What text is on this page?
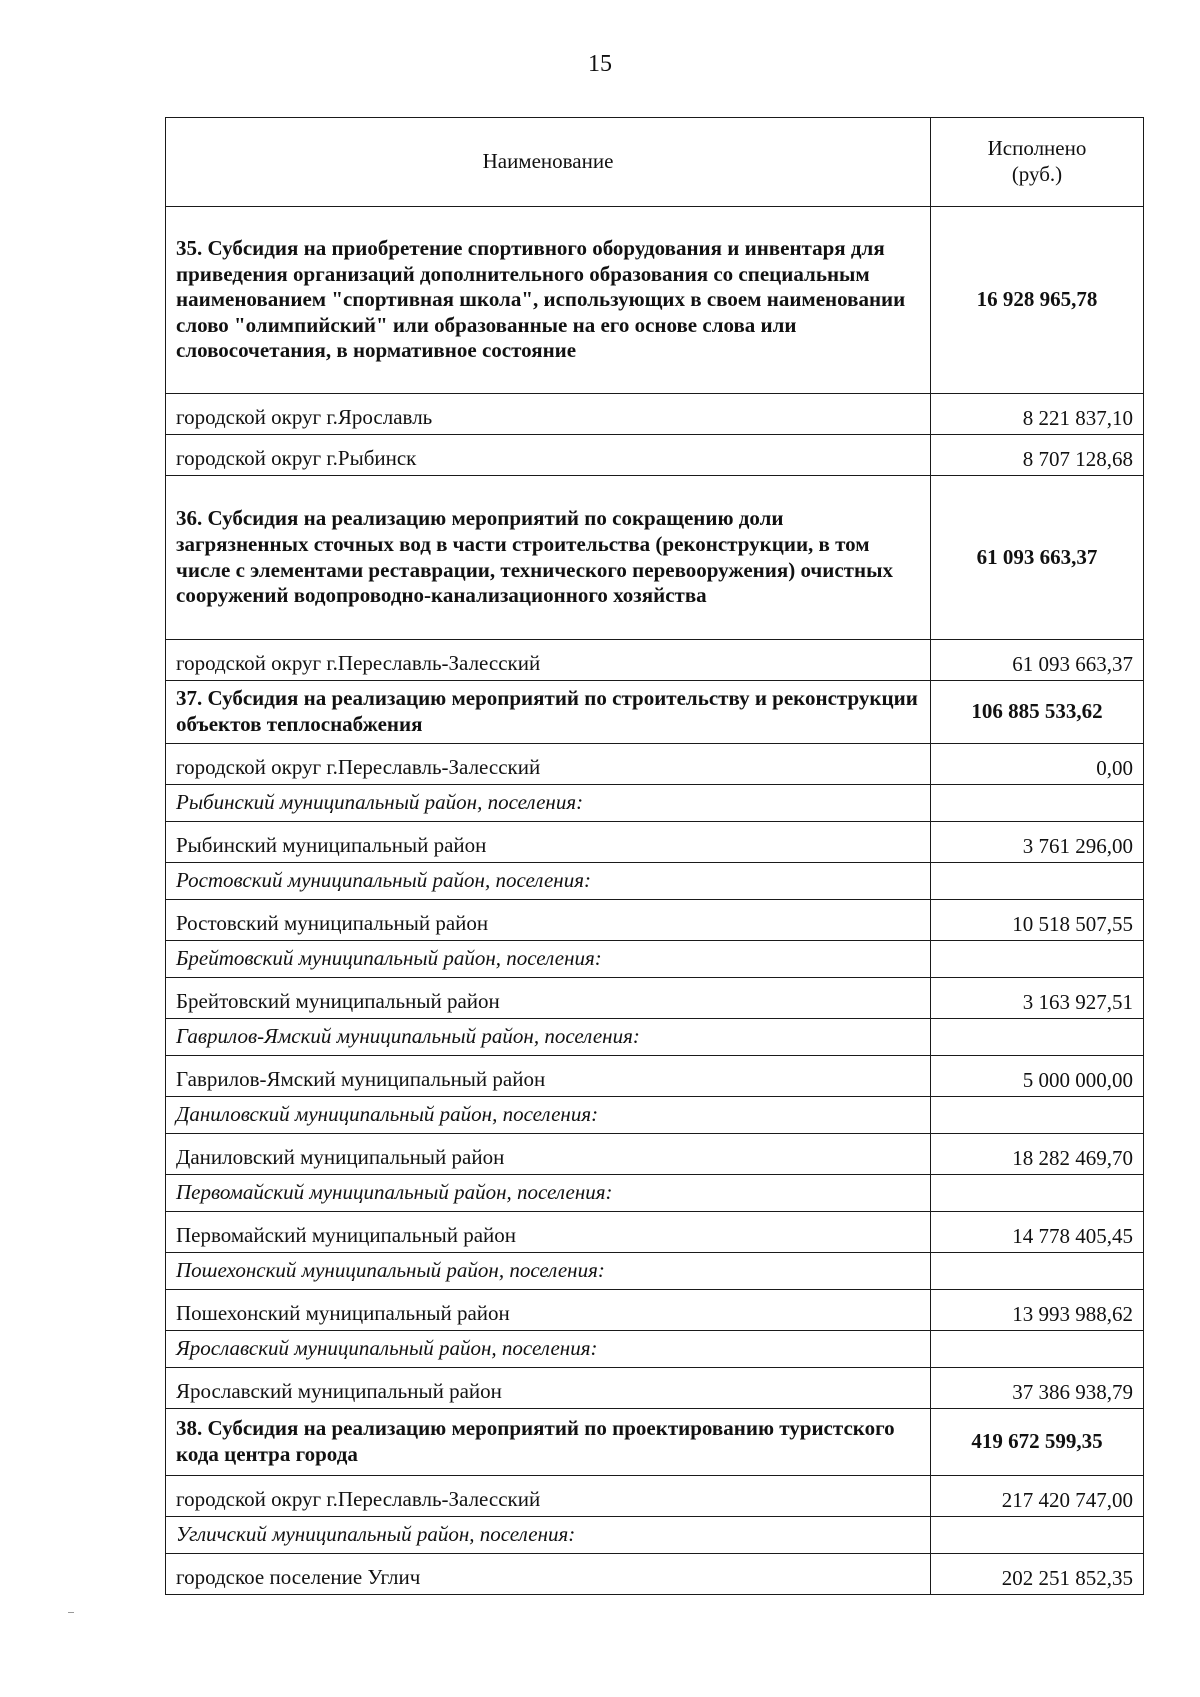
15
Наименование	Исполнено
(руб.)
35. Субсидия на приобретение спортивного оборудования и инвентаря для приведения организаций дополнительного образования со специальным наименованием "спортивная школа", использующих в своем наименовании слово "олимпийский" или образованные на его основе слова или словосочетания, в нормативное состояние	16 928 965,78
городской округ г.Ярославль	8 221 837,10
городской округ г.Рыбинск	8 707 128,68
36. Субсидия на реализацию мероприятий по сокращению доли загрязненных сточных вод в части строительства (реконструкции, в том числе с элементами реставрации, технического перевооружения) очистных сооружений водопроводно-канализационного хозяйства	61 093 663,37
городской округ г.Переславль-Залесский	61 093 663,37
37. Субсидия на реализацию мероприятий по строительству и реконструкции объектов теплоснабжения	106 885 533,62
городской округ г.Переславль-Залесский	0,00
Рыбинский муниципальный район, поселения:	
Рыбинский муниципальный район	3 761 296,00
Ростовский муниципальный район, поселения:	
Ростовский муниципальный район	10 518 507,55
Брейтовский муниципальный район, поселения:	
Брейтовский муниципальный район	3 163 927,51
Гаврилов-Ямский муниципальный район, поселения:	
Гаврилов-Ямский муниципальный район	5 000 000,00
Даниловский муниципальный район, поселения:	
Даниловский муниципальный район	18 282 469,70
Первомайский муниципальный район, поселения:	
Первомайский муниципальный район	14 778 405,45
Пошехонский муниципальный район, поселения:	
Пошехонский муниципальный район	13 993 988,62
Ярославский муниципальный район, поселения:	
Ярославский муниципальный район	37 386 938,79
38. Субсидия на реализацию мероприятий по проектированию туристского кода центра города	419 672 599,35
городской округ г.Переславль-Залесский	217 420 747,00
Угличский муниципальный район, поселения:	
городское поселение Углич	202 251 852,35
